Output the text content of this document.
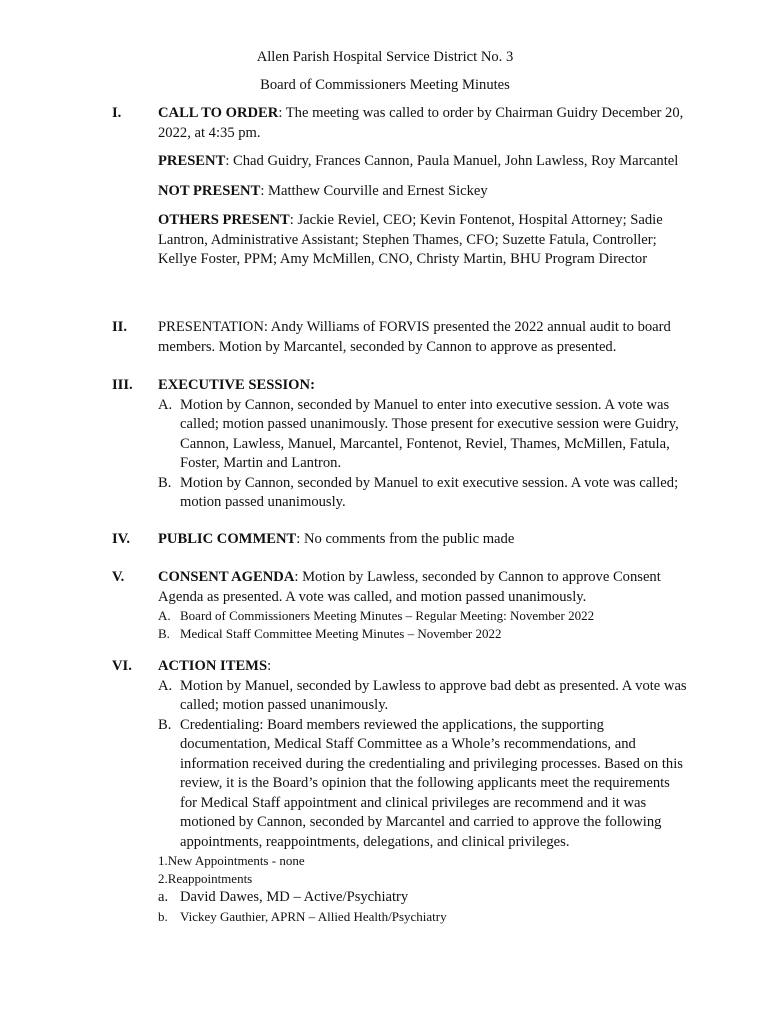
Allen Parish Hospital Service District No. 3
Board of Commissioners Meeting Minutes
I.	CALL TO ORDER: The meeting was called to order by Chairman Guidry December 20, 2022, at 4:35 pm.

PRESENT: Chad Guidry, Frances Cannon, Paula Manuel, John Lawless, Roy Marcantel

NOT PRESENT: Matthew Courville and Ernest Sickey

OTHERS PRESENT: Jackie Reviel, CEO; Kevin Fontenot, Hospital Attorney; Sadie Lantron, Administrative Assistant; Stephen Thames, CFO; Suzette Fatula, Controller; Kellye Foster, PPM; Amy McMillen, CNO, Christy Martin, BHU Program Director

II. PRESENTATION: Andy Williams of FORVIS presented the 2022 annual audit to board members. Motion by Marcantel, seconded by Cannon to approve as presented.

III. EXECUTIVE SESSION:

A. Motion by Cannon, seconded by Manuel to enter into executive session. A vote was called; motion passed unanimously. Those present for executive session were Guidry, Cannon, Lawless, Manuel, Marcantel, Fontenot, Reviel, Thames, McMillen, Fatula, Foster, Martin and Lantron.

B. Motion by Cannon, seconded by Manuel to exit executive session. A vote was called; motion passed unanimously.

IV. PUBLIC COMMENT: No comments from the public made

V. CONSENT AGENDA: Motion by Lawless, seconded by Cannon to approve Consent Agenda as presented. A vote was called, and motion passed unanimously.

A. Board of Commissioners Meeting Minutes – Regular Meeting: November 2022

B. Medical Staff Committee Meeting Minutes – November 2022

VI. ACTION ITEMS:

A. Motion by Manuel, seconded by Lawless to approve bad debt as presented. A vote was called; motion passed unanimously.

B. Credentialing: Board members reviewed the applications, the supporting documentation, Medical Staff Committee as a Whole’s recommendations, and information received during the credentialing and privileging processes. Based on this review, it is the Board’s opinion that the following applicants meet the requirements for Medical Staff appointment and clinical privileges are recommend and it was motioned by Cannon, seconded by Marcantel and carried to approve the following appointments, reappointments, delegations, and clinical privileges.

1.New Appointments - none

2.Reappointments

a. David Dawes, MD – Active/Psychiatry

b. Vickey Gauthier, APRN – Allied Health/Psychiatry
